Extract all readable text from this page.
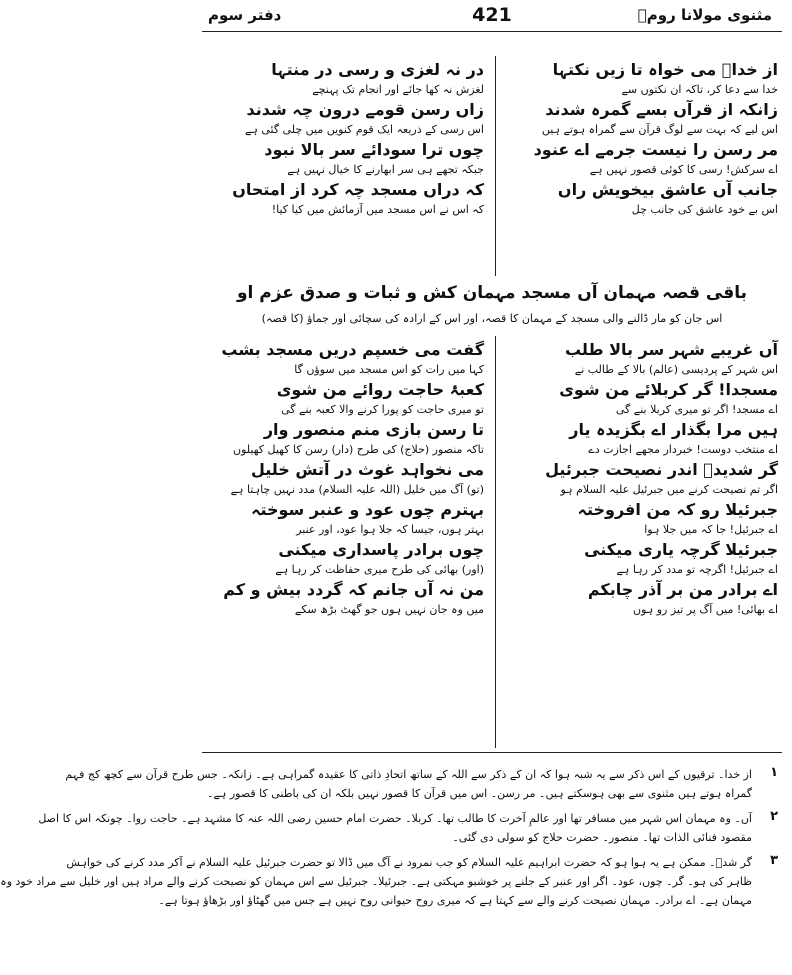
مثنوی مولانا رومؒ
421
دفتر سوم
از خداؒ می خواہ تا زیں نکتہا
خدا سے دعا کر، تاکہ ان نکتوں سے
زانکہ از قرآں بسے گمرہ شدند
اس لیے کہ بہت سے لوگ قرآن سے گمراہ ہوتے ہیں
مر رسن را نیست جرمے اے عنود
اے سرکش! رسی کا کوئی قصور نہیں ہے
جانب آں عاشق بیخویش راں
اس بے خود عاشق کی جانب چل
در نہ لغزی و رسی در منتہا
لغزش نہ کھا جائے اور انجام تک پہنچے
زاں رسن قومے درون چہ شدند
اس رسی کے ذریعہ ایک قوم کنویں میں چلی گئی ہے
چوں ترا سودائے سر بالا نبود
جبکہ تجھے ہی سر ابھارنے کا خیال نہیں ہے
کہ دراں مسجد چہ کرد از امتحاں
کہ اس نے اس مسجد میں آزمائش میں کیا کیا!
باقی قصہ مہمان آں مسجد مہمان کش و ثبات و صدق عزم او
اس جان کو مار ڈالنے والی مسجد کے مہمان کا قصہ، اور اس کے ارادہ کی سچائی اور جماؤ (کا قصہ)
آں غریبے شہر سر بالا طلب
اس شہر کے پردیسی (عالم) بالا کے طالب نے
مسجدا! گر کربلائے من شوی
اے مسجد! اگر تو میری کربلا بنے گی
ہیں مرا بگذار اے بگزیدہ یار
اے منتخب دوست! خبردار مجھے اجازت دے
گر شدیدؒ اندر نصیحت جبرئیل
اگر تم نصیحت کرنے میں جبرئیل علیہ السلام ہو
جبرئیلا رو کہ من افروختہ
اے جبرئیل! جا کہ میں جلا ہوا
جبرئیلا گرچہ یاری میکنی
اے جبرئیل! اگرچہ تو مدد کر رہا ہے
اے برادر من بر آذر چابکم
اے بھائی! میں آگ پر تیز رو ہوں
گفت می خسپم دریں مسجد بشب
کہا میں رات کو اس مسجد میں سوؤں گا
کعبۂ حاجت روائے من شوی
تو میری حاجت کو پورا کرنے والا کعبہ بنے گی
تا رسن بازی منم منصور وار
تاکہ منصور (حلاج) کی طرح (دار) رسن کا کھیل کھیلوں
می نخواہد غوث در آتش خلیل
(تو) آگ میں خلیل (اللہ علیہ السلام) مدد نہیں چاہتا ہے
بہترم چوں عود و عنبر سوختہ
بہتر ہوں، جیسا کہ جلا ہوا عود، اور عنبر
چوں برادر پاسداری میکنی
(اور) بھائی کی طرح میری حفاظت کر رہا ہے
من نہ آں جانم کہ گردد بیش و کم
میں وہ جان نہیں ہوں جو گھٹ بڑھ سکے
۱
از خدا۔ ترقیوں کے اس ذکر سے یہ شبہ ہوا کہ ان کے ذکر سے اللہ کے ساتھ اتحادِ ذاتی کا عقیدہ گمراہی ہے۔ زانکہ۔ جس طرح قرآن سے کچھ کج فہم
گمراہ ہوتے ہیں مثنوی سے بھی ہوسکتے ہیں۔ مر رسن۔ اس میں قرآن کا قصور نہیں بلکہ ان کی باطنی کا قصور ہے۔
۲
آں۔ وہ مہمان اس شہر میں مسافر تھا اور عالمِ آخرت کا طالب تھا۔ کربلا۔ حضرت امام حسین رضی اللہ عنہ کا مشہد ہے۔ حاجت روا۔ چونکہ اس کا اصل
مقصود فنائی الذات تھا۔ منصور۔ حضرت حلاج کو سولی دی گئی۔
۳
گر شدؒ۔ ممکن ہے یہ ہوا ہو کہ حضرت ابراہیم علیہ السلام کو جب نمرود نے آگ میں ڈالا تو حضرت جبرئیل علیہ السلام نے آکر مدد کرنے کی خواہش
ظاہر کی ہو۔ گر۔ چوں، عود۔ اگر اور عنبر کے جلنے پر خوشبو مہکتی ہے۔ جبرئیلا۔ جبرئیل سے اس مہمان کو نصیحت کرنے والے مراد ہیں اور خلیل سے مراد خود وہ
مہمان ہے۔ اے برادر۔ مہمان نصیحت کرنے والے سے کہتا ہے کہ میری روح حیوانی روح نہیں ہے جس میں گھٹاؤ اور بڑھاؤ ہوتا ہے۔
